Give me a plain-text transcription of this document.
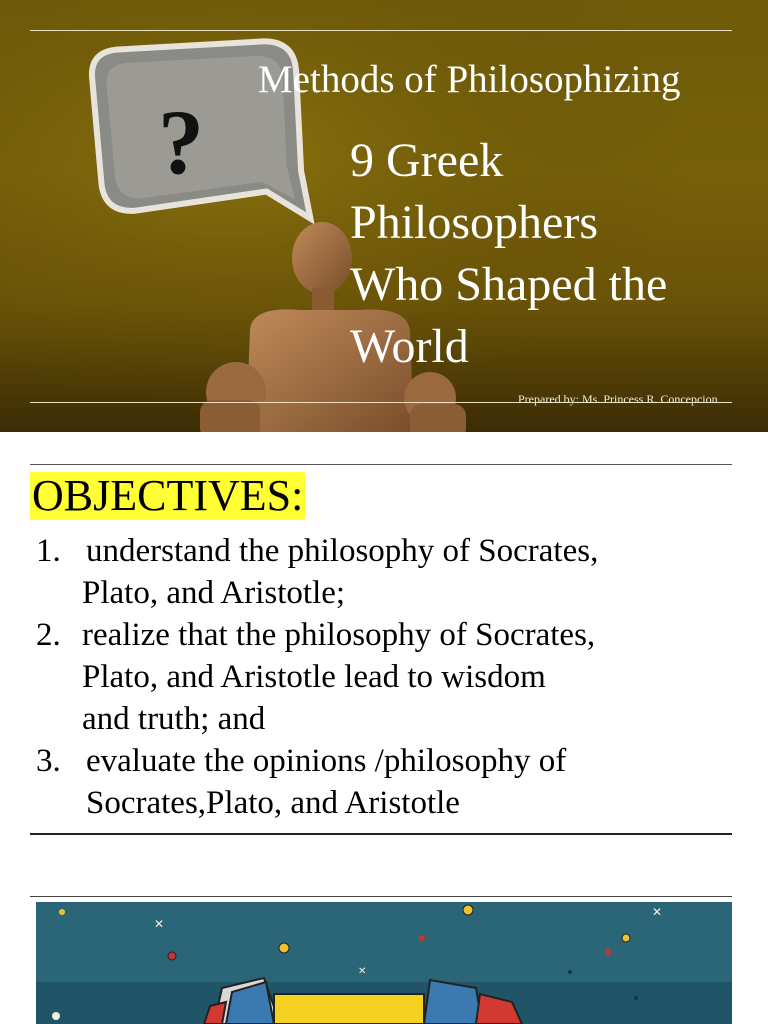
Methods of Philosophizing
?	9 Greek
Philosophers
Who Shaped the
World
Prepared by: Ms. Princess R. Concepcion
OBJECTIVES:
1. understand the philosophy of Socrates,
Plato, and Aristotle;
2. realize that the philosophy of Socrates,
Plato, and Aristotle lead to wisdom
and truth; and
3. evaluate the opinions /philosophy of
Socrates,Plato, and Aristotle
✕
✕
✕
